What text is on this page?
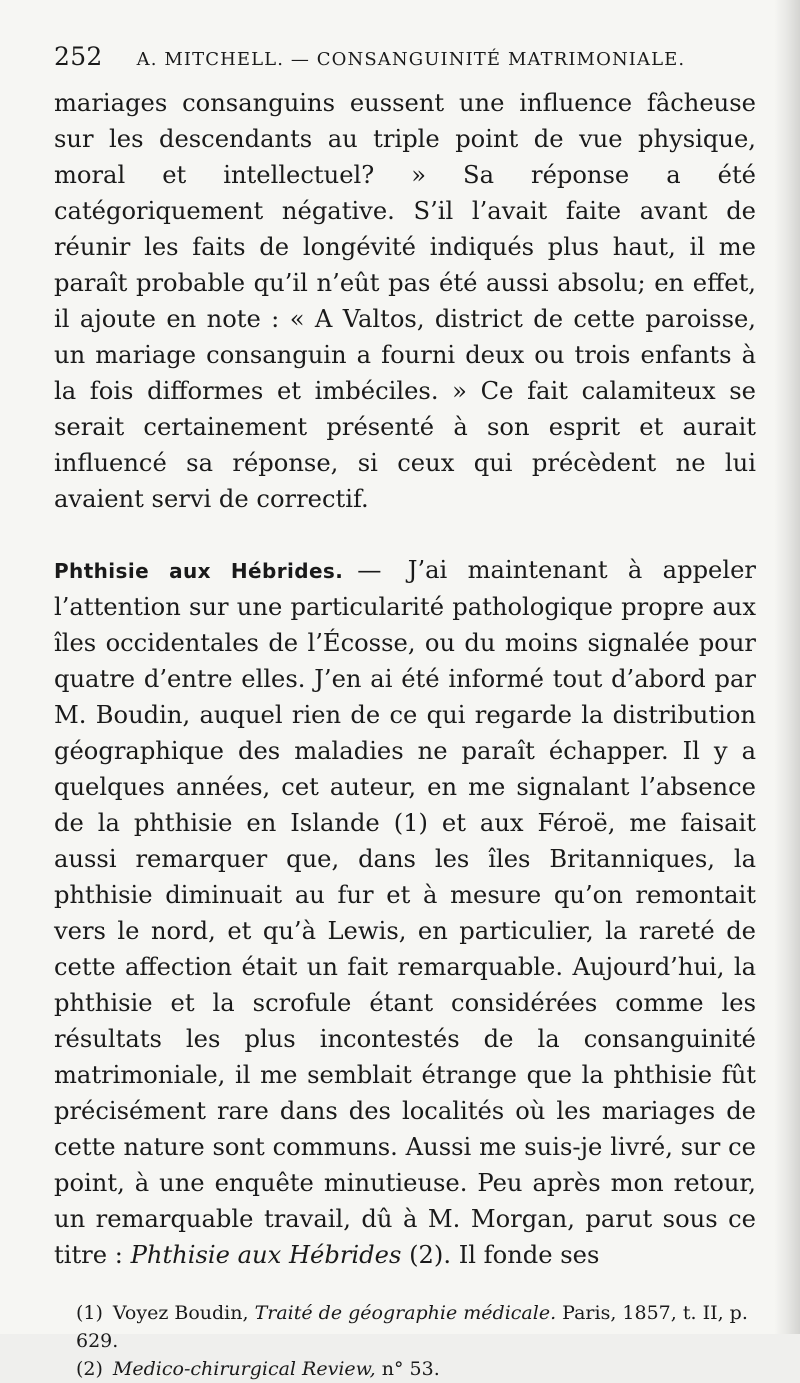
252 A. MITCHELL. — CONSANGUINITÉ MATRIMONIALE.

mariages consanguins eussent une influence fâcheuse sur les descendants au triple point de vue physique, moral et intellectuel? » Sa réponse a été catégoriquement négative. S’il l’avait faite avant de réunir les faits de longévité indiqués plus haut, il me paraît probable qu’il n’eût pas été aussi absolu; en effet, il ajoute en note : « A Valtos, district de cette paroisse, un mariage consanguin a fourni deux ou trois enfants à la fois difformes et imbéciles. » Ce fait calamiteux se serait certainement présenté à son esprit et aurait influencé sa réponse, si ceux qui précèdent ne lui avaient servi de correctif.

Phthisie aux Hébrides. — J’ai maintenant à appeler l’attention sur une particularité pathologique propre aux îles occidentales de l’Écosse, ou du moins signalée pour quatre d’entre elles. J’en ai été informé tout d’abord par M. Boudin, auquel rien de ce qui regarde la distribution géographique des maladies ne paraît échapper. Il y a quelques années, cet auteur, en me signalant l’absence de la phthisie en Islande (1) et aux Féroë, me faisait aussi remarquer que, dans les îles Britanniques, la phthisie diminuait au fur et à mesure qu’on remontait vers le nord, et qu’à Lewis, en particulier, la rareté de cette affection était un fait remarquable. Aujourd’hui, la phthisie et la scrofule étant considérées comme les résultats les plus incontestés de la consanguinité matrimoniale, il me semblait étrange que la phthisie fût précisément rare dans des localités où les mariages de cette nature sont communs. Aussi me suis-je livré, sur ce point, à une enquête minutieuse. Peu après mon retour, un remarquable travail, dû à M. Morgan, parut sous ce titre : Phthisie aux Hébrides (2). Il fonde ses

(1) Voyez Boudin, Traité de géographie médicale. Paris, 1857, t. II, p. 629.

(2) Medico-chirurgical Review, n° 53.
